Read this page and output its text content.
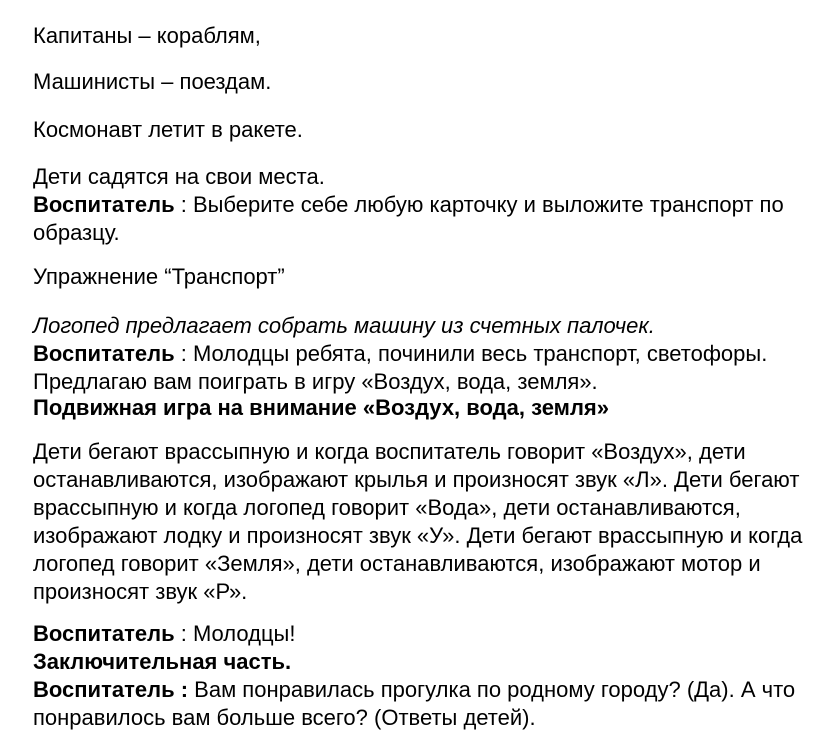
Капитаны – кораблям,

Машинисты – поездам.

Космонавт летит в ракете.

Дети садятся на свои места.

Воспитатель : Выберите себе любую карточку и выложите транспорт по образцу.

Упражнение “Транспорт”

Логопед предлагает собрать машину из счетных палочек.

Воспитатель : Молодцы ребята, починили весь транспорт, светофоры. Предлагаю вам поиграть в игру «Воздух, вода, земля».

Подвижная игра на внимание «Воздух, вода, земля»

Дети бегают врассыпную и когда воспитатель говорит «Воздух», дети останавливаются, изображают крылья и произносят звук «Л». Дети бегают врассыпную и когда логопед говорит «Вода», дети останавливаются, изображают лодку и произносят звук «У». Дети бегают врассыпную и когда логопед говорит «Земля», дети останавливаются, изображают мотор и произносят звук «Р».

Воспитатель : Молодцы!

Заключительная часть.

Воспитатель : Вам понравилась прогулка по родному городу? (Да). А что понравилось вам больше всего? (Ответы детей).
